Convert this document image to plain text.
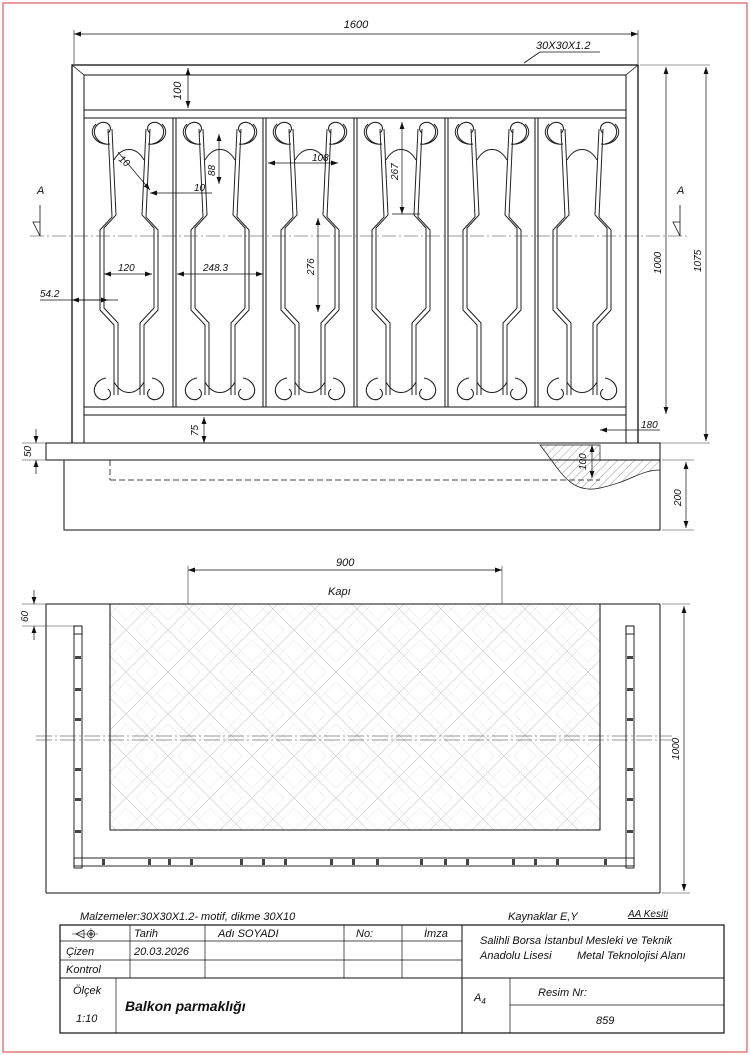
1600
30X30X1.2
100
10
10
88
108
267
120	248.3	276
54.2
75
A	A
1000	1075
180
50
100
200
900
Kapı
60
1000
Malzemeler:30X30X1.2- motif, dikme 30X10	Kaynaklar E,Y	AA Kesiti
Tarih	Adı SOYADI	No:	İmza
Çizen	20.03.2026
Kontrol
Salihli Borsa İstanbul Mesleki ve Teknik
Anadolu Lisesi Metal Teknolojisi Alanı
Ölçek
1:10
Balkon parmaklığı	$A_4$
Resim Nr:
859
